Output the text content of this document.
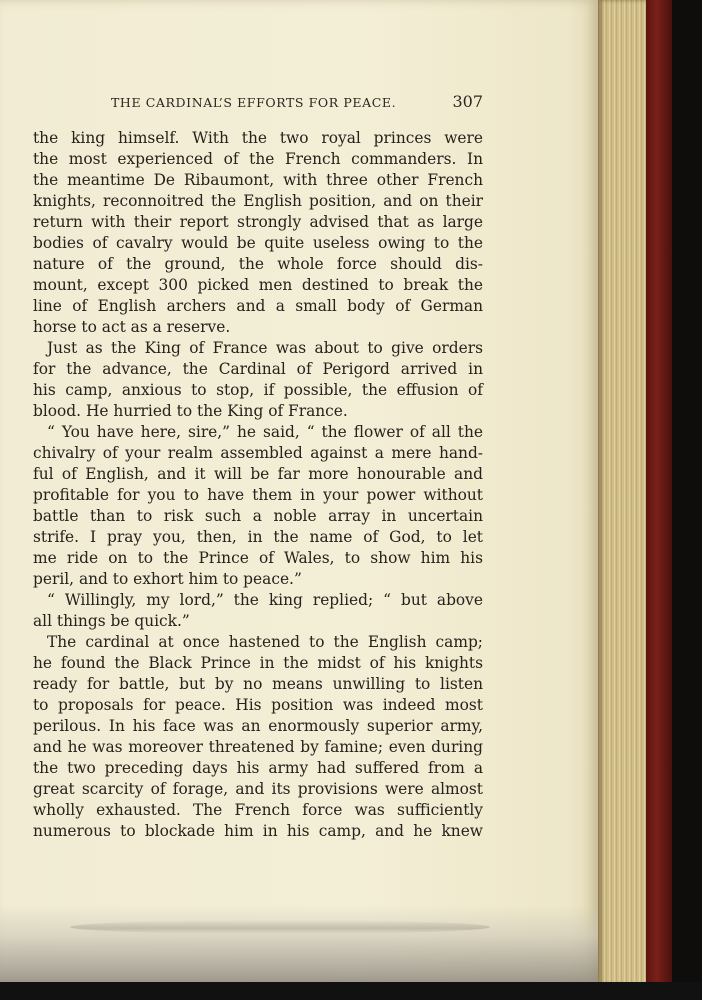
THE CARDINAL’S EFFORTS FOR PEACE.	307
the king himself. With the two royal princes were
the most experienced of the French commanders. In
the meantime De Ribaumont, with three other French
knights, reconnoitred the English position, and on their
return with their report strongly advised that as large
bodies of cavalry would be quite useless owing to the
nature of the ground, the whole force should dis-
mount, except 300 picked men destined to break the
line of English archers and a small body of German
horse to act as a reserve.
Just as the King of France was about to give orders
for the advance, the Cardinal of Perigord arrived in
his camp, anxious to stop, if possible, the effusion of
blood. He hurried to the King of France.
“ You have here, sire,” he said, “ the flower of all the
chivalry of your realm assembled against a mere hand-
ful of English, and it will be far more honourable and
profitable for you to have them in your power without
battle than to risk such a noble array in uncertain
strife. I pray you, then, in the name of God, to let
me ride on to the Prince of Wales, to show him his
peril, and to exhort him to peace.”
“ Willingly, my lord,” the king replied; “ but above
all things be quick.”
The cardinal at once hastened to the English camp;
he found the Black Prince in the midst of his knights
ready for battle, but by no means unwilling to listen
to proposals for peace. His position was indeed most
perilous. In his face was an enormously superior army,
and he was moreover threatened by famine; even during
the two preceding days his army had suffered from a
great scarcity of forage, and its provisions were almost
wholly exhausted. The French force was sufficiently
numerous to blockade him in his camp, and he knew
